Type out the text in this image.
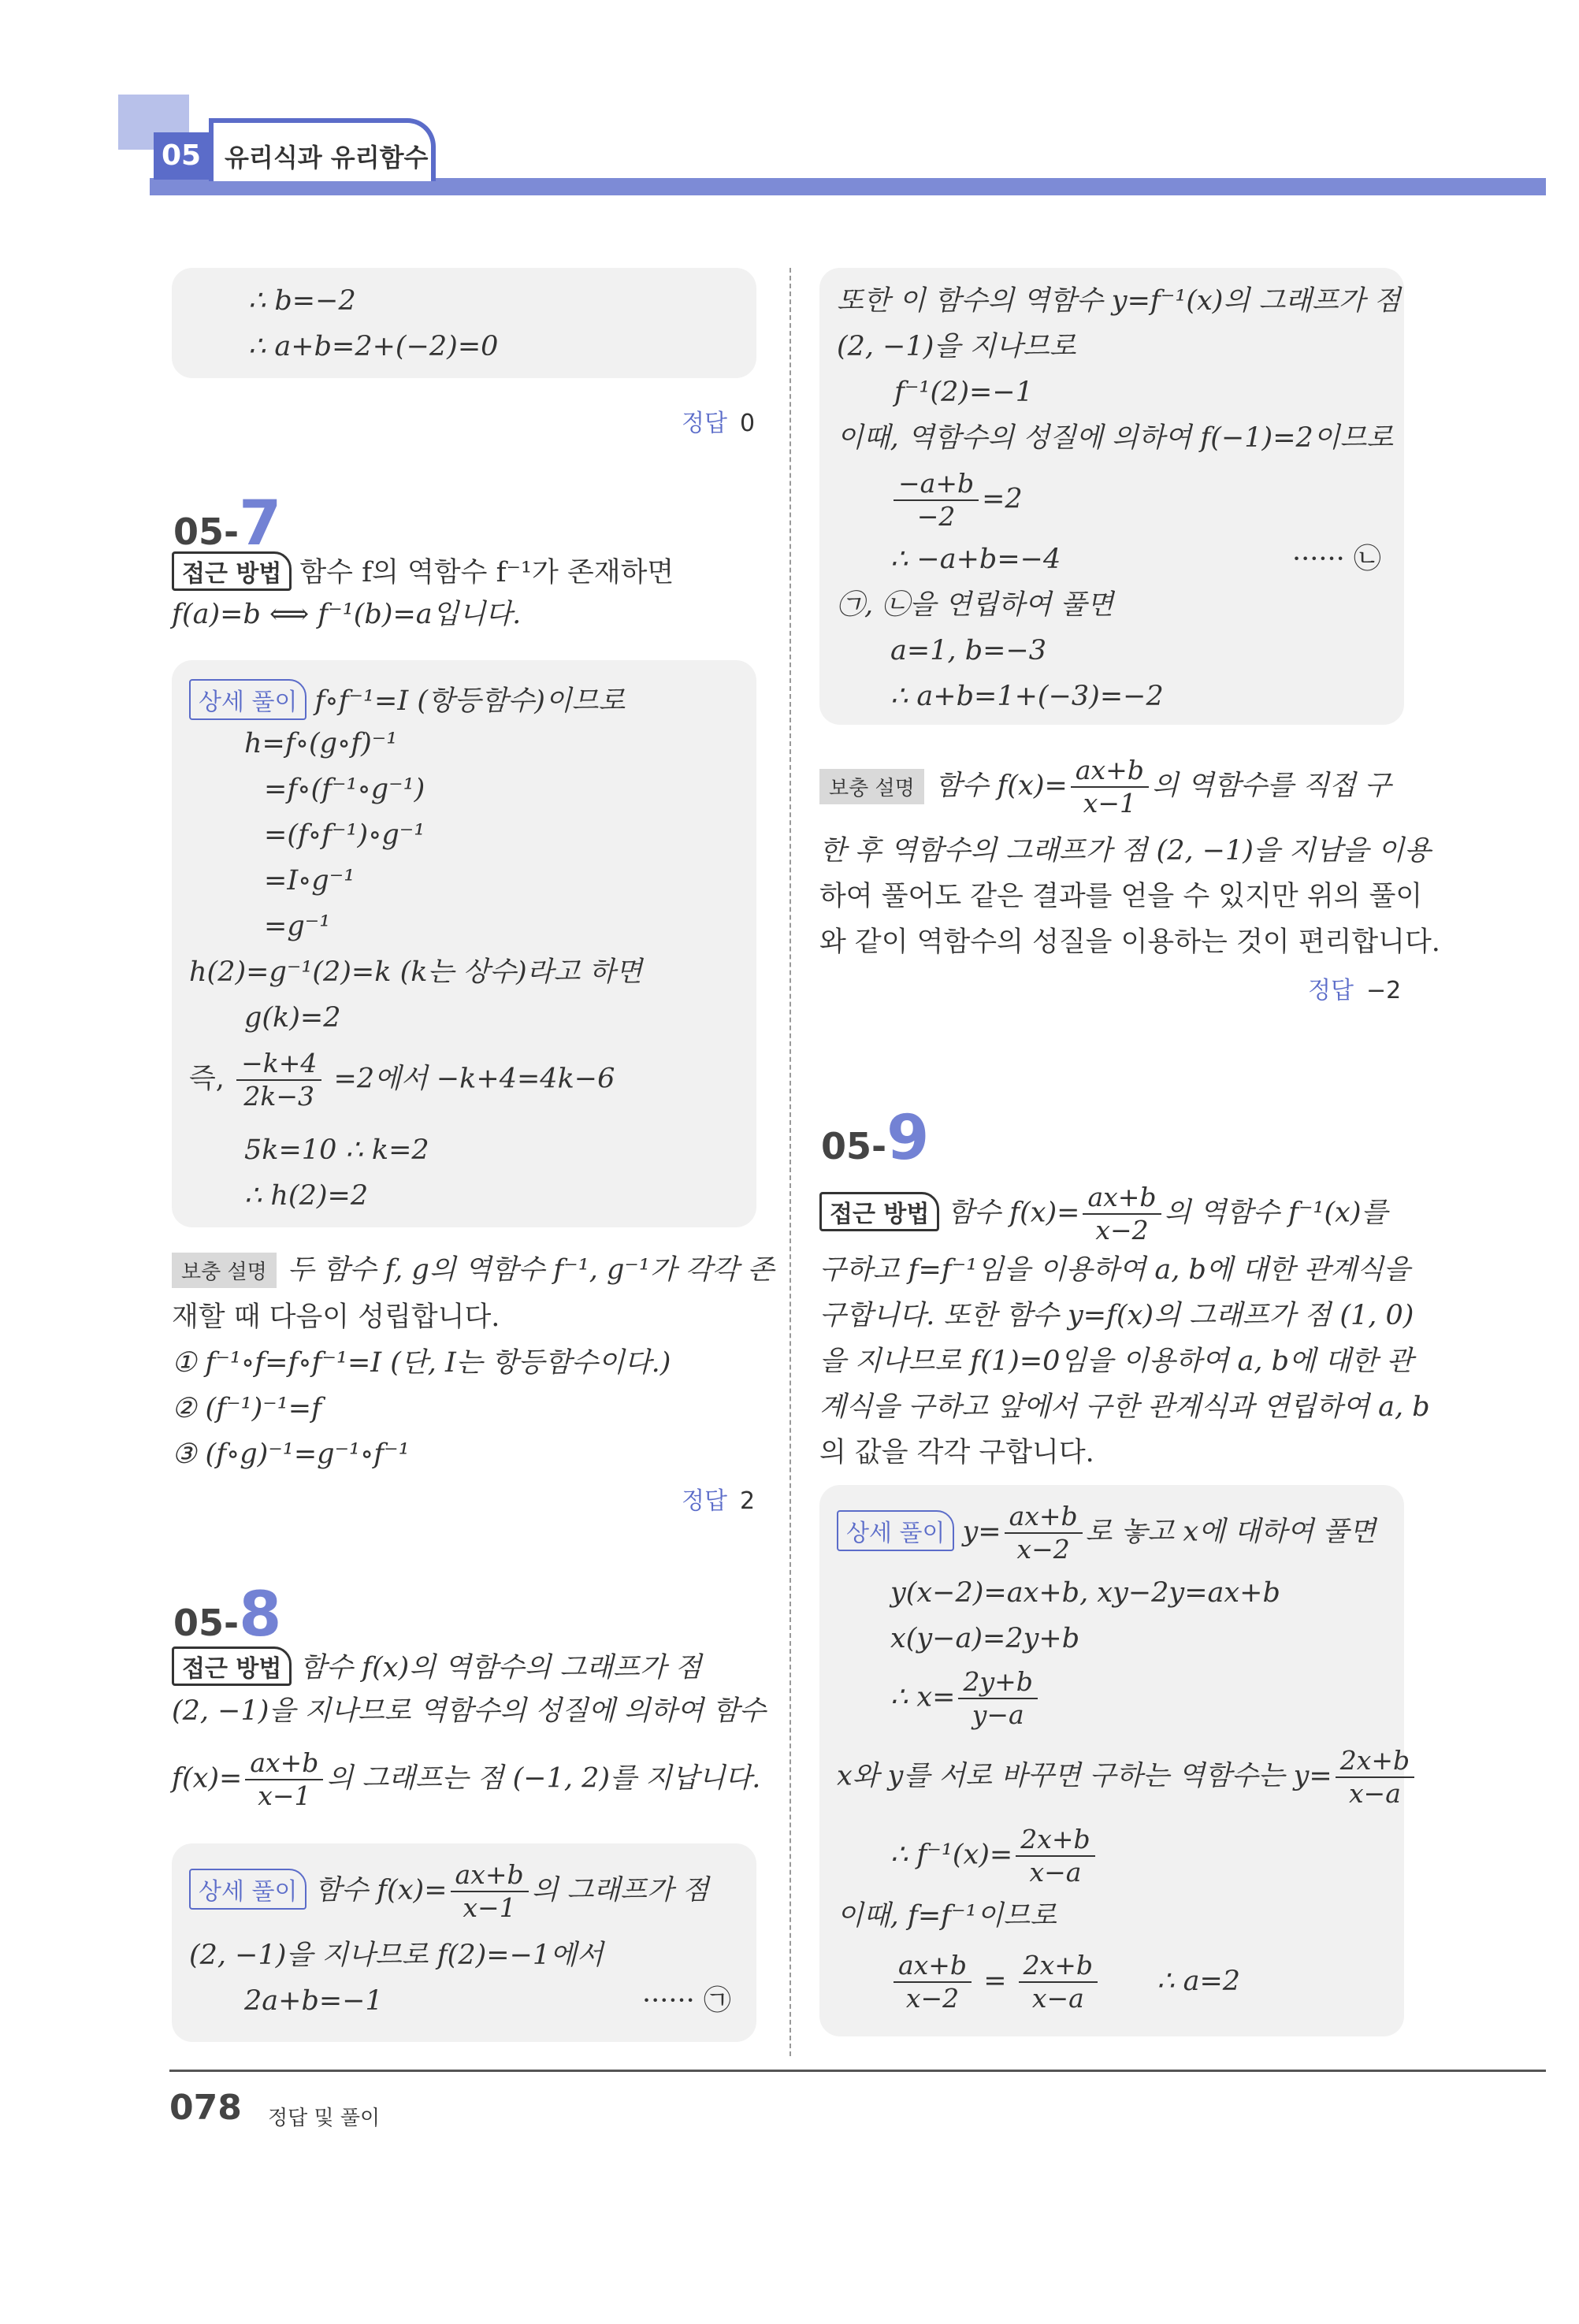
05 유리식과 유리함수
∴ b=−2
∴ a+b=2+(−2)=0
정답 0
05-7
접근 방법 함수 f의 역함수 f⁻¹가 존재하면
f(a)=b ⟺ f⁻¹(b)=a입니다.
상세 풀이 f∘f⁻¹=I (항등함수)이므로
h=f∘(g∘f)⁻¹
=f∘(f⁻¹∘g⁻¹)
=(f∘f⁻¹)∘g⁻¹
=I∘g⁻¹
=g⁻¹
h(2)=g⁻¹(2)=k (k는 상수)라고 하면
g(k)=2
즉, $\frac{-k+4}{2k-3} =2$에서 −k+4=4k−6
5k=10 ∴ k=2
∴ h(2)=2
보충 설명 두 함수 f, g의 역함수 f⁻¹, g⁻¹가 각각 존
재할 때 다음이 성립합니다.
① f⁻¹∘f=f∘f⁻¹=I (단, I는 항등함수이다.)
② (f⁻¹)⁻¹=f
③ (f∘g)⁻¹=g⁻¹∘f⁻¹
정답 2
05-8
접근 방법 함수 f(x)의 역함수의 그래프가 점
(2, −1)을 지나므로 역함수의 성질에 의하여 함수
$f(x)= \frac{ax+b}{x-1}$ 의 그래프는 점 (−1, 2)를 지납니다.
상세 풀이 함수 $f(x)= \frac{ax+b}{x-1}$ 의 그래프가 점
(2, −1)을 지나므로 f(2)=−1에서
2a+b=−1	······ ㉠
또한 이 함수의 역함수 y=f⁻¹(x)의 그래프가 점
(2, −1)을 지나므로
f⁻¹(2)=−1
이때, 역함수의 성질에 의하여 f(−1)=2이므로
$\frac{-a+b}{-2} =2$
∴ −a+b=−4	······ ㉡
㉠, ㉡을 연립하여 풀면
a=1, b=−3
∴ a+b=1+(−3)=−2
보충 설명 함수 $f(x)= \frac{ax+b}{x-1}$ 의 역함수를 직접 구
한 후 역함수의 그래프가 점 (2, −1)을 지남을 이용
하여 풀어도 같은 결과를 얻을 수 있지만 위의 풀이
와 같이 역함수의 성질을 이용하는 것이 편리합니다.
정답 −2
05-9
접근 방법 함수 $f(x)= \frac{ax+b}{x-2}$ 의 역함수 f⁻¹(x)를
구하고 f=f⁻¹임을 이용하여 a, b에 대한 관계식을
구합니다. 또한 함수 y=f(x)의 그래프가 점 (1, 0)
을 지나므로 f(1)=0임을 이용하여 a, b에 대한 관
계식을 구하고 앞에서 구한 관계식과 연립하여 a, b
의 값을 각각 구합니다.
상세 풀이 $y= \frac{ax+b}{x-2}$ 로 놓고 x에 대하여 풀면
y(x−2)=ax+b, xy−2y=ax+b
x(y−a)=2y+b
∴ $x= \frac{2y+b}{y-a}$
x와 y를 서로 바꾸면 구하는 역함수는 $y= \frac{2x+b}{x-a}$
∴ $f^{-1}(x)= \frac{2x+b}{x-a}$
이때, f=f⁻¹이므로
$\frac{ax+b}{x-2} = \frac{2x+b}{x-a}$ ∴ a=2
078 정답 및 풀이
